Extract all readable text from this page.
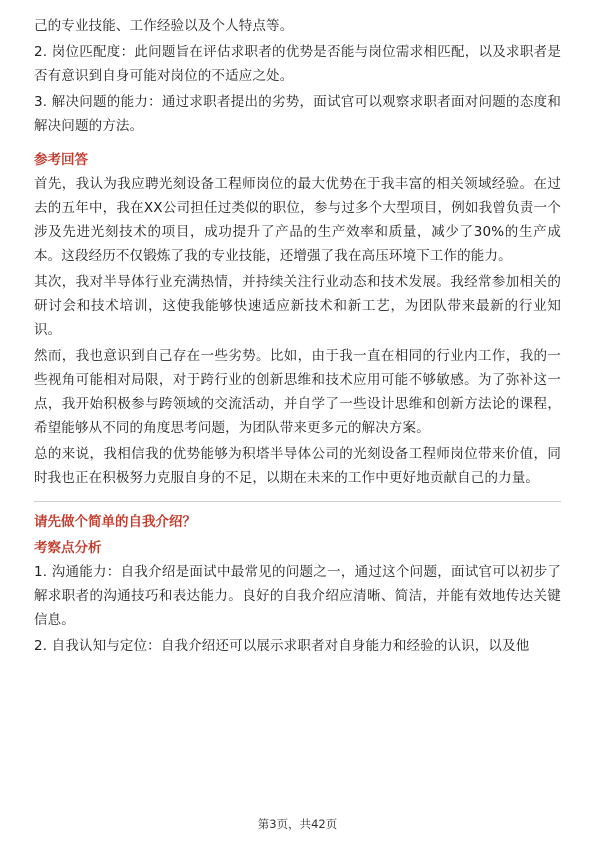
己的专业技能、工作经验以及个人特点等。

2. 岗位匹配度：此问题旨在评估求职者的优势是否能与岗位需求相匹配，以及求职者是否有意识到自身可能对岗位的不适应之处。

3. 解决问题的能力：通过求职者提出的劣势，面试官可以观察求职者面对问题的态度和解决问题的方法。

参考回答

首先，我认为我应聘光刻设备工程师岗位的最大优势在于我丰富的相关领域经验。在过去的五年中，我在XX公司担任过类似的职位，参与过多个大型项目，例如我曾负责一个涉及先进光刻技术的项目，成功提升了产品的生产效率和质量，减少了30%的生产成本。这段经历不仅锻炼了我的专业技能，还增强了我在高压环境下工作的能力。

其次，我对半导体行业充满热情，并持续关注行业动态和技术发展。我经常参加相关的研讨会和技术培训，这使我能够快速适应新技术和新工艺，为团队带来最新的行业知识。

然而，我也意识到自己存在一些劣势。比如，由于我一直在相同的行业内工作，我的一些视角可能相对局限，对于跨行业的创新思维和技术应用可能不够敏感。为了弥补这一点，我开始积极参与跨领域的交流活动，并自学了一些设计思维和创新方法论的课程，希望能够从不同的角度思考问题，为团队带来更多元的解决方案。

总的来说，我相信我的优势能够为积塔半导体公司的光刻设备工程师岗位带来价值，同时我也正在积极努力克服自身的不足，以期在未来的工作中更好地贡献自己的力量。

请先做个简单的自我介绍？
考察点分析

1. 沟通能力：自我介绍是面试中最常见的问题之一，通过这个问题，面试官可以初步了解求职者的沟通技巧和表达能力。良好的自我介绍应清晰、简洁，并能有效地传达关键信息。

2. 自我认知与定位：自我介绍还可以展示求职者对自身能力和经验的认识，以及他

第3页，共42页
